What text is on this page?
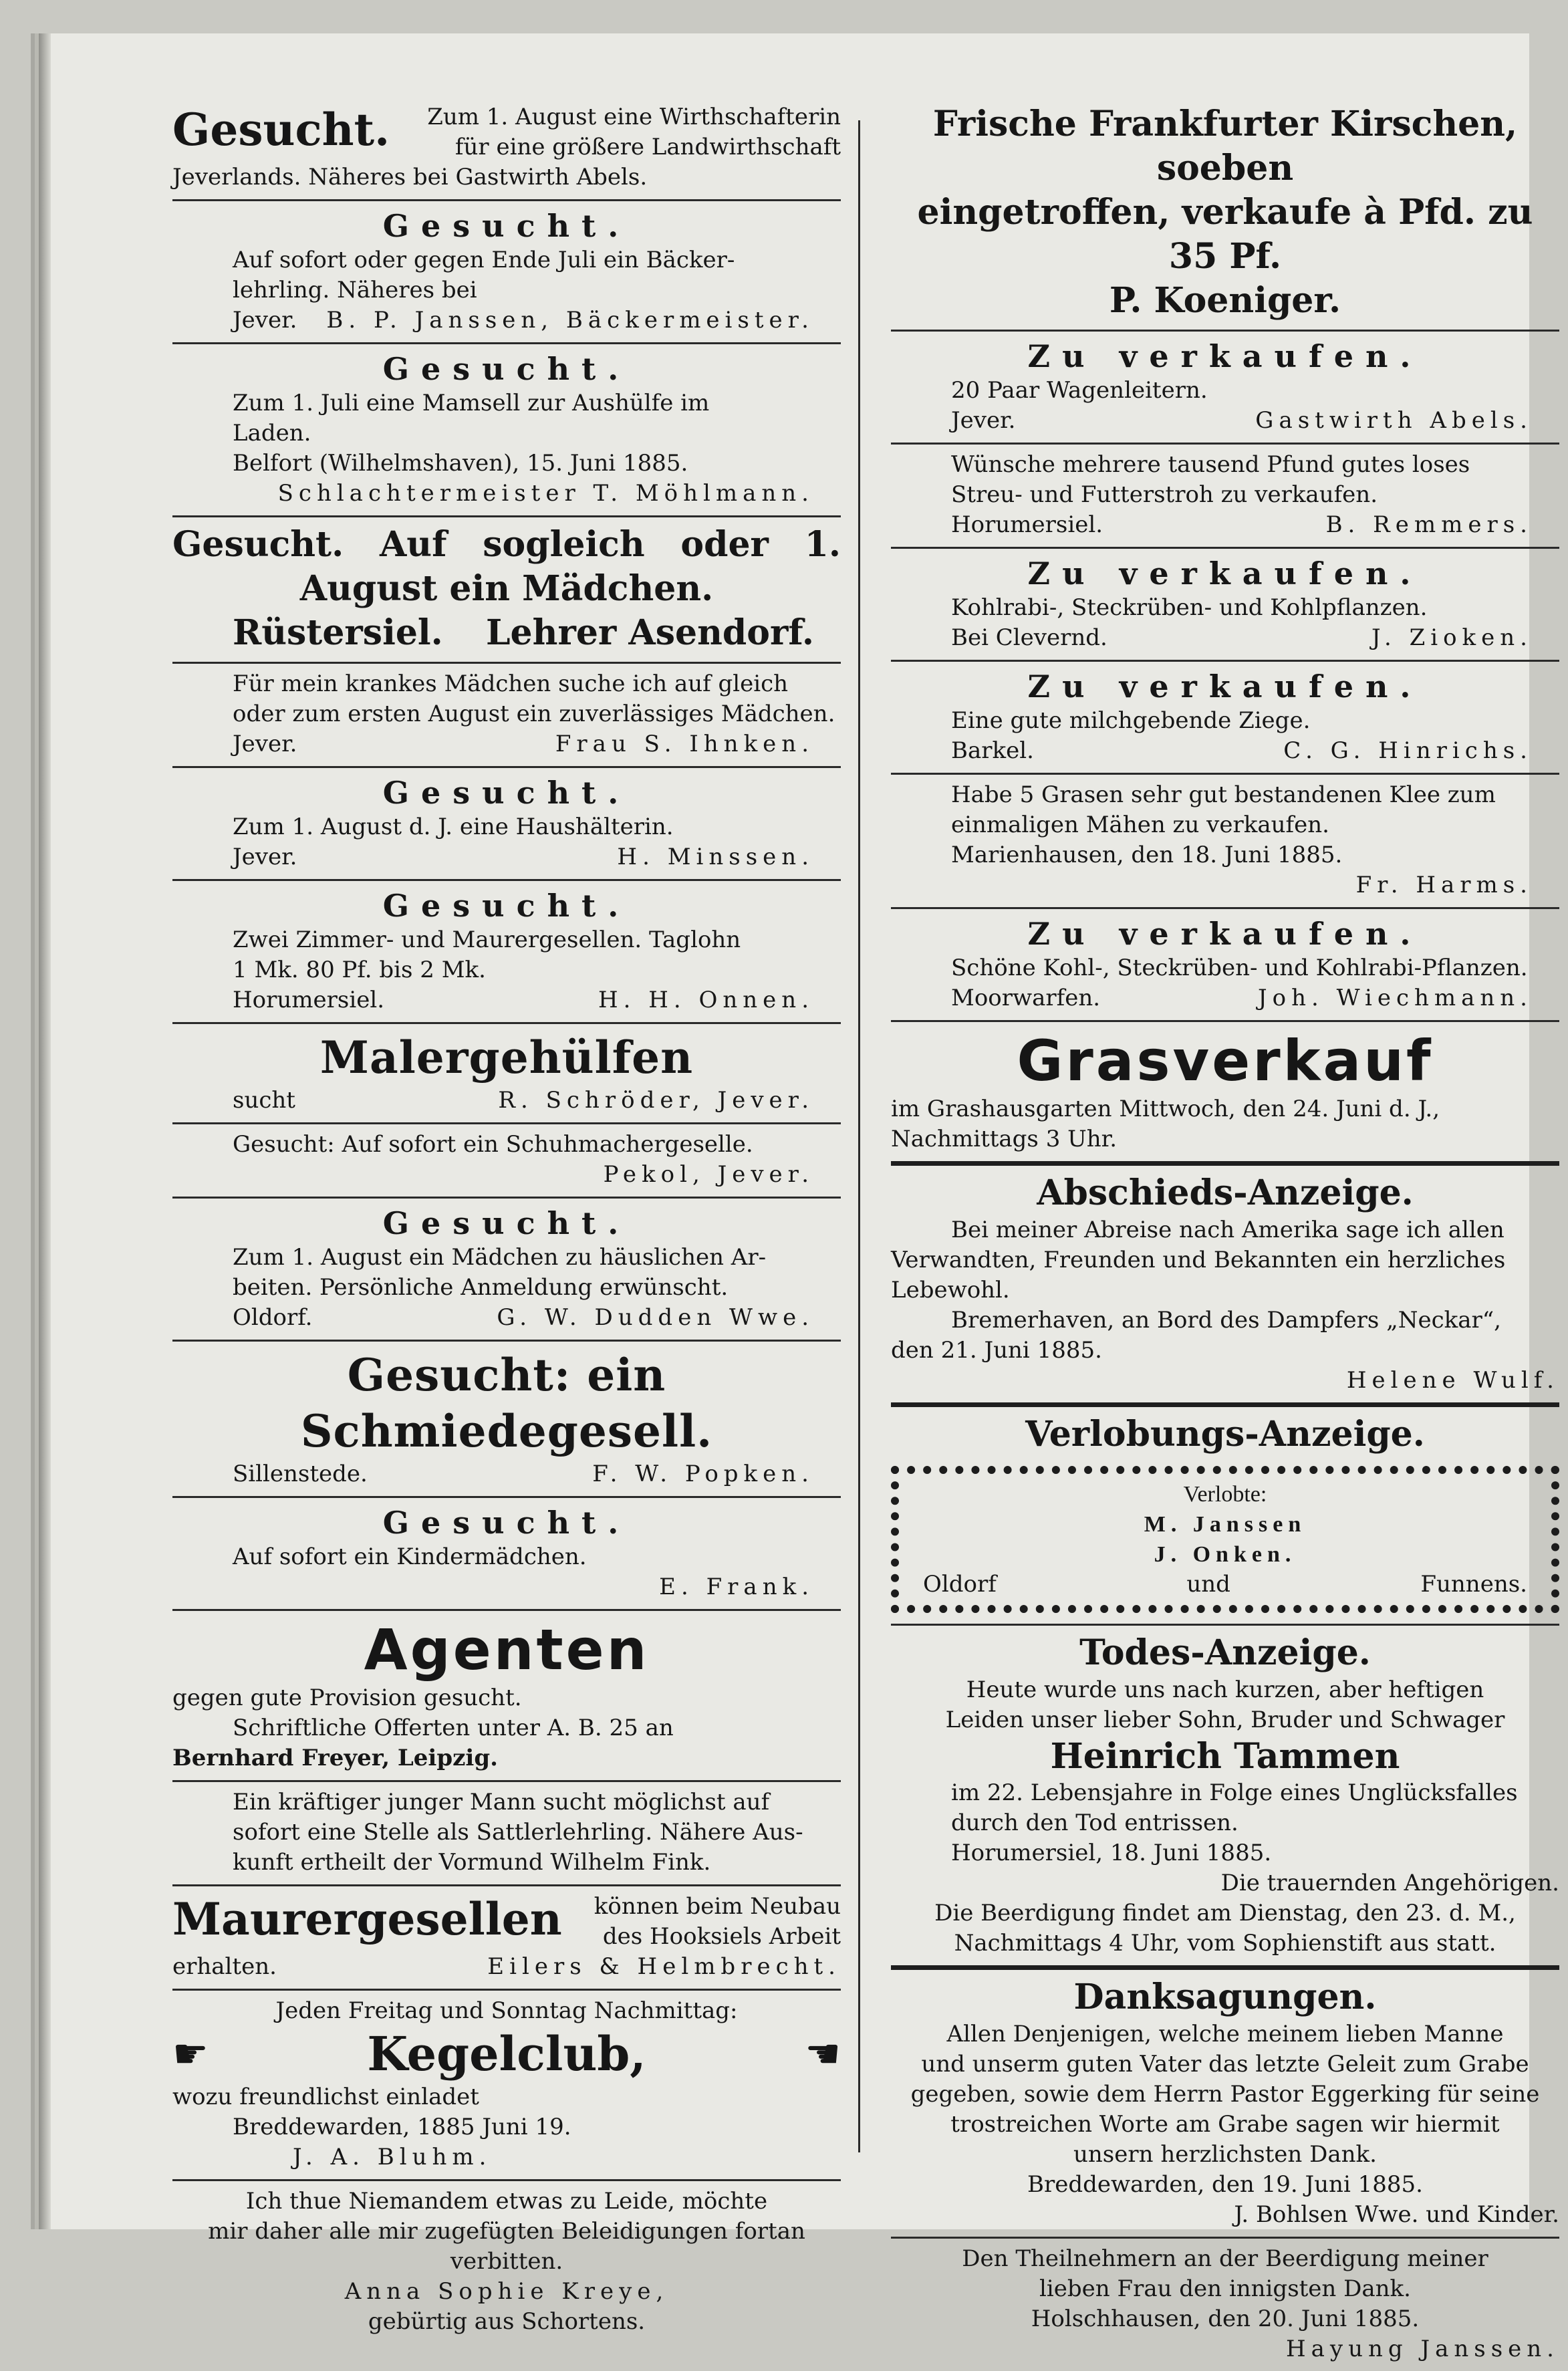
Gesucht.	Zum 1. August eine Wirthschafterin
für eine größere Landwirthschaft
Jeverlands. Näheres bei Gastwirth Abels.
Gesucht.
Auf sofort oder gegen Ende Juli ein Bäcker-
lehrling. Näheres bei
Jever. B. P. Janssen, Bäckermeister.
Gesucht.
Zum 1. Juli eine Mamsell zur Aushülfe im
Laden.
Belfort (Wilhelmshaven), 15. Juni 1885.
Schlachtermeister T. Möhlmann.
Gesucht. Auf sogleich oder 1.
August ein Mädchen.
Rüstersiel. Lehrer Asendorf.
Für mein krankes Mädchen suche ich auf gleich
oder zum ersten August ein zuverlässiges Mädchen.
Jever.	Frau S. Ihnken.
Gesucht.
Zum 1. August d. J. eine Haushälterin.
Jever.	H. Minssen.
Gesucht.
Zwei Zimmer- und Maurergesellen. Taglohn
1 Mk. 80 Pf. bis 2 Mk.
Horumersiel.	H. H. Onnen.
Malergehülfen
sucht	R. Schröder, Jever.
Gesucht: Auf sofort ein Schuhmachergeselle.
Pekol, Jever.
Gesucht.
Zum 1. August ein Mädchen zu häuslichen Ar-
beiten. Persönliche Anmeldung erwünscht.
Oldorf.	G. W. Dudden Wwe.
Gesucht: ein Schmiedegesell.
Sillenstede.	F. W. Popken.
Gesucht.
Auf sofort ein Kindermädchen.
E. Frank.
Agenten
gegen gute Provision gesucht.
Schriftliche Offerten unter A. B. 25 an
Bernhard Freyer, Leipzig.
Ein kräftiger junger Mann sucht möglichst auf
sofort eine Stelle als Sattlerlehrling. Nähere Aus-
kunft ertheilt der Vormund Wilhelm Fink.
Maurergesellen	können beim Neubau
des Hooksiels Arbeit
erhalten.	Eilers & Helmbrecht.
Jeden Freitag und Sonntag Nachmittag:
☛	Kegelclub,	☚
wozu freundlichst einladet
Breddewarden, 1885 Juni 19.
J. A. Bluhm.
Ich thue Niemandem etwas zu Leide, möchte
mir daher alle mir zugefügten Beleidigungen fortan
verbitten.
Anna Sophie Kreye,
gebürtig aus Schortens.
Frische Frankfurter Kirschen, soeben
eingetroffen, verkaufe à Pfd. zu 35 Pf.
P. Koeniger.
Zu verkaufen.
20 Paar Wagenleitern.
Jever.	Gastwirth Abels.
Wünsche mehrere tausend Pfund gutes loses
Streu- und Futterstroh zu verkaufen.
Horumersiel.	B. Remmers.
Zu verkaufen.
Kohlrabi-, Steckrüben- und Kohlpflanzen.
Bei Clevernd.	J. Zioken.
Zu verkaufen.
Eine gute milchgebende Ziege.
Barkel.	C. G. Hinrichs.
Habe 5 Grasen sehr gut bestandenen Klee zum
einmaligen Mähen zu verkaufen.
Marienhausen, den 18. Juni 1885.
Fr. Harms.
Zu verkaufen.
Schöne Kohl-, Steckrüben- und Kohlrabi-Pflanzen.
Moorwarfen.	Joh. Wiechmann.
Grasverkauf
im Grashausgarten Mittwoch, den 24. Juni d. J.,
Nachmittags 3 Uhr.
Abschieds-Anzeige.
Bei meiner Abreise nach Amerika sage ich allen
Verwandten, Freunden und Bekannten ein herzliches
Lebewohl.
Bremerhaven, an Bord des Dampfers „Neckar“,
den 21. Juni 1885.
Helene Wulf.
Verlobungs-Anzeige.
Verlobte:
M. Janssen
J. Onken.
Oldorf	und	Funnens.
Todes-Anzeige.
Heute wurde uns nach kurzen, aber heftigen
Leiden unser lieber Sohn, Bruder und Schwager
Heinrich Tammen
im 22. Lebensjahre in Folge eines Unglücksfalles
durch den Tod entrissen.
Horumersiel, 18. Juni 1885.
Die trauernden Angehörigen.
Die Beerdigung findet am Dienstag, den 23. d. M.,
Nachmittags 4 Uhr, vom Sophienstift aus statt.
Danksagungen.
Allen Denjenigen, welche meinem lieben Manne
und unserm guten Vater das letzte Geleit zum Grabe
gegeben, sowie dem Herrn Pastor Eggerking für seine
trostreichen Worte am Grabe sagen wir hiermit
unsern herzlichsten Dank.
Breddewarden, den 19. Juni 1885.
J. Bohlsen Wwe. und Kinder.
Den Theilnehmern an der Beerdigung meiner
lieben Frau den innigsten Dank.
Holschhausen, den 20. Juni 1885.
Hayung Janssen.
